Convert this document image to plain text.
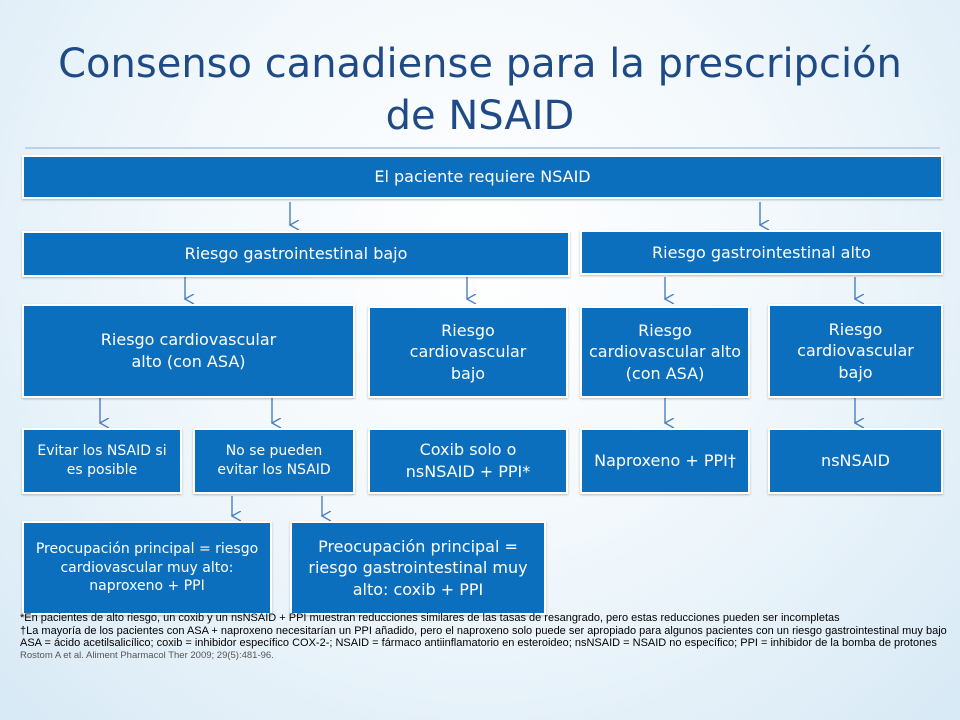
Consenso canadiense para la prescripción
de NSAID
El paciente requiere NSAID
Riesgo gastrointestinal bajo	Riesgo gastrointestinal alto
Riesgo cardiovascular alto (con ASA)
Riesgo cardiovascular bajo
Riesgo cardiovascular alto (con ASA)
Riesgo cardiovascular bajo
Evitar los NSAID si es posible
No se pueden evitar los NSAID
Coxib solo o nsNSAID + PPI*
Naproxeno + PPI†	nsNSAID
Preocupación principal = riesgo cardiovascular muy alto: naproxeno + PPI
Preocupación principal = riesgo gastrointestinal muy alto: coxib + PPI

*En pacientes de alto riesgo, un coxib y un nsNSAID + PPI muestran reducciones similares de las tasas de resangrado, pero estas reducciones pueden ser incompletas

†La mayoría de los pacientes con ASA + naproxeno necesitarían un PPI añadido, pero el naproxeno solo puede ser apropiado para algunos pacientes con un riesgo gastrointestinal muy bajo

ASA = ácido acetilsalicílico; coxib = inhibidor específico COX-2-; NSAID = fármaco antiinflamatorio en esteroideo; nsNSAID = NSAID no específico; PPI = inhibidor de la bomba de protones

Rostom A et al. Aliment Pharmacol Ther 2009; 29(5):481-96.
